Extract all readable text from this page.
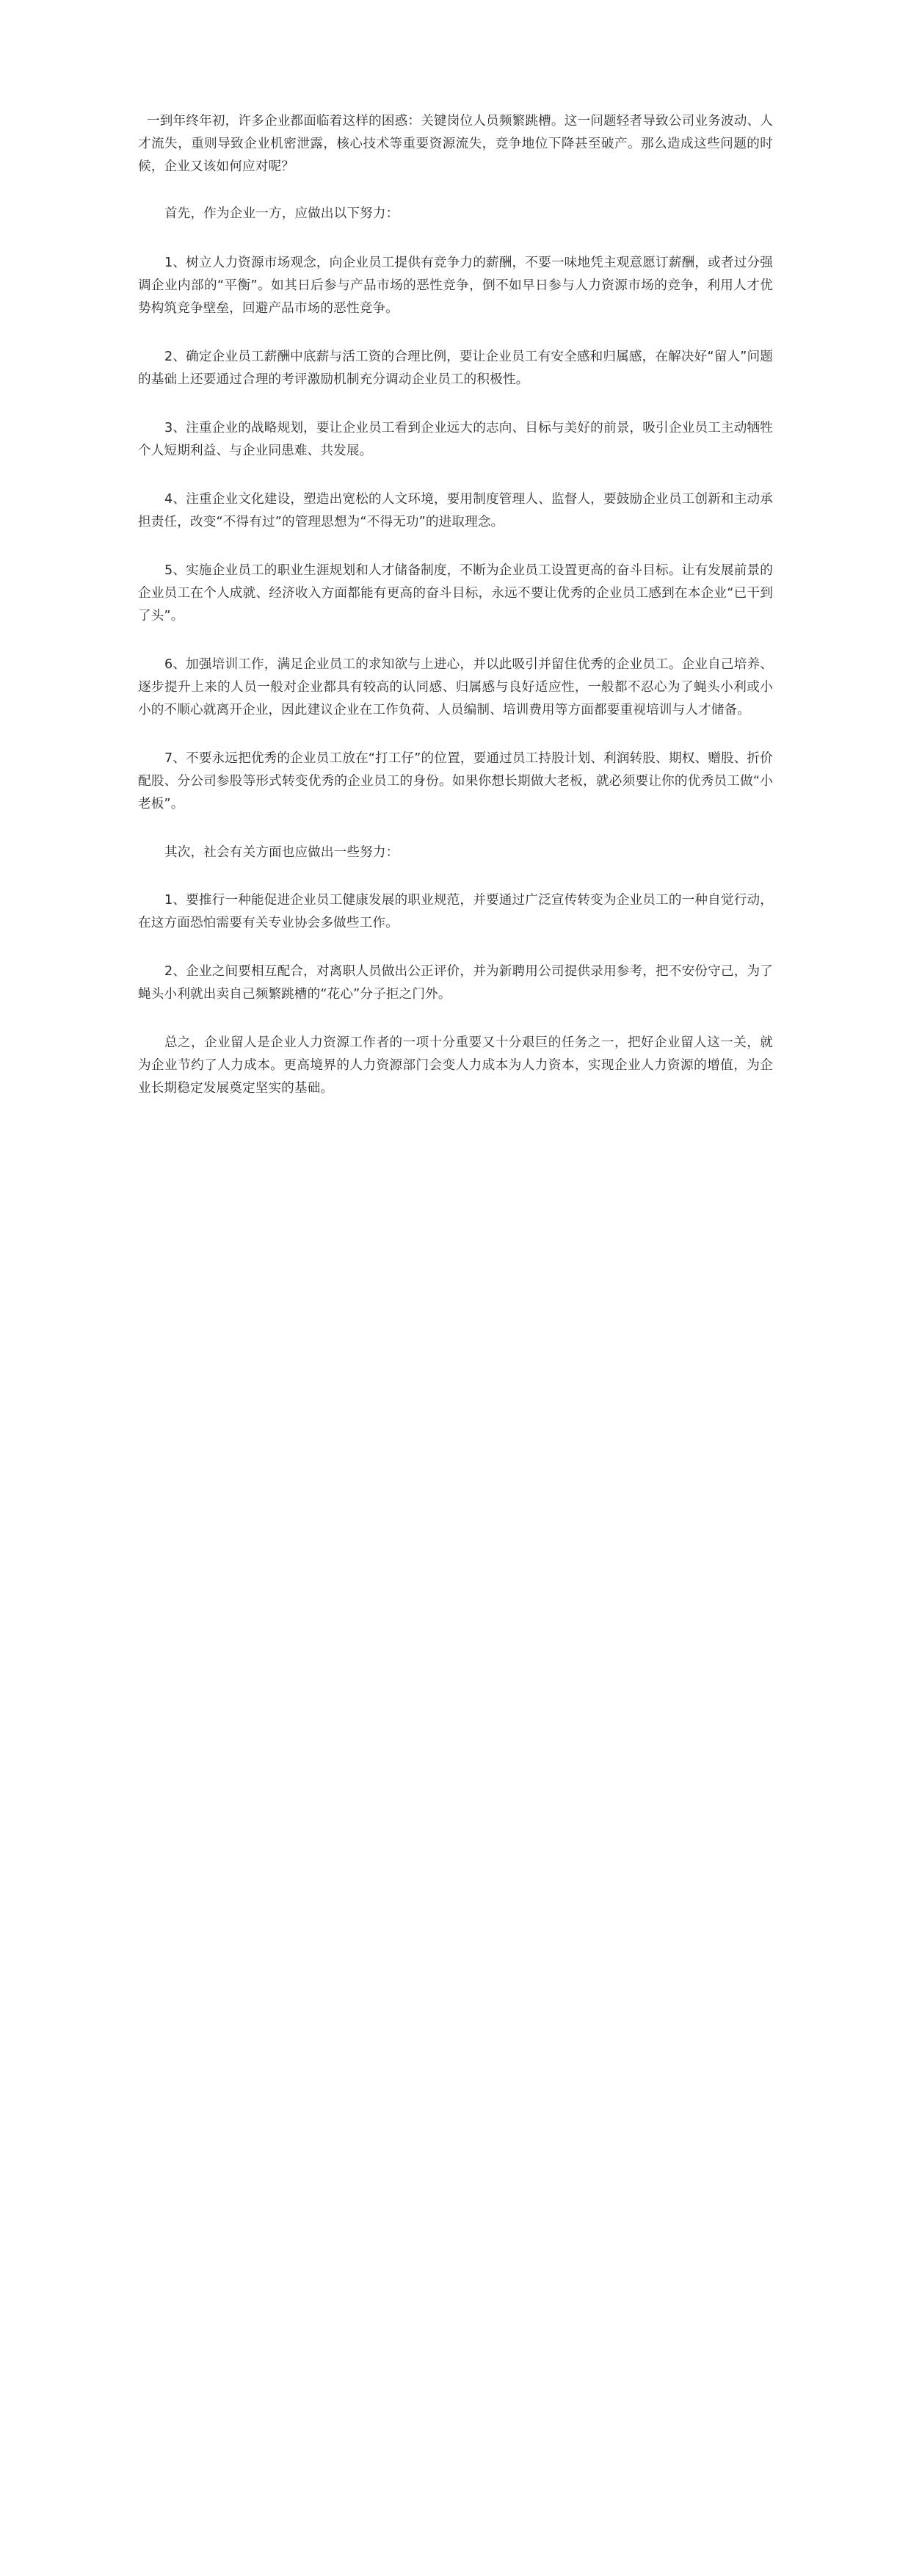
一到年终年初，许多企业都面临着这样的困惑：关键岗位人员频繁跳槽。这一问题轻者导致公司业务波动、人才流失，重则导致企业机密泄露，核心技术等重要资源流失，竞争地位下降甚至破产。那么造成这些问题的时候，企业又该如何应对呢？

首先，作为企业一方，应做出以下努力：

1、树立人力资源市场观念，向企业员工提供有竞争力的薪酬，不要一味地凭主观意愿订薪酬，或者过分强调企业内部的“平衡”。如其日后参与产品市场的恶性竞争，倒不如早日参与人力资源市场的竞争，利用人才优势构筑竞争壁垒，回避产品市场的恶性竞争。

2、确定企业员工薪酬中底薪与活工资的合理比例，要让企业员工有安全感和归属感，在解决好“留人”问题的基础上还要通过合理的考评激励机制充分调动企业员工的积极性。

3、注重企业的战略规划，要让企业员工看到企业远大的志向、目标与美好的前景，吸引企业员工主动牺牲个人短期利益、与企业同患难、共发展。

4、注重企业文化建设，塑造出宽松的人文环境，要用制度管理人、监督人，要鼓励企业员工创新和主动承担责任，改变“不得有过”的管理思想为“不得无功”的进取理念。

5、实施企业员工的职业生涯规划和人才储备制度，不断为企业员工设置更高的奋斗目标。让有发展前景的企业员工在个人成就、经济收入方面都能有更高的奋斗目标，永远不要让优秀的企业员工感到在本企业“已干到了头”。

6、加强培训工作，满足企业员工的求知欲与上进心，并以此吸引并留住优秀的企业员工。企业自己培养、逐步提升上来的人员一般对企业都具有较高的认同感、归属感与良好适应性，一般都不忍心为了蝇头小利或小小的不顺心就离开企业，因此建议企业在工作负荷、人员编制、培训费用等方面都要重视培训与人才储备。

7、不要永远把优秀的企业员工放在“打工仔”的位置，要通过员工持股计划、利润转股、期权、赠股、折价配股、分公司参股等形式转变优秀的企业员工的身份。如果你想长期做大老板，就必须要让你的优秀员工做“小老板”。

其次，社会有关方面也应做出一些努力：

1、要推行一种能促进企业员工健康发展的职业规范，并要通过广泛宣传转变为企业员工的一种自觉行动，在这方面恐怕需要有关专业协会多做些工作。

2、企业之间要相互配合，对离职人员做出公正评价，并为新聘用公司提供录用参考，把不安份守己，为了蝇头小利就出卖自己频繁跳槽的“花心”分子拒之门外。

总之，企业留人是企业人力资源工作者的一项十分重要又十分艰巨的任务之一，把好企业留人这一关，就为企业节约了人力成本。更高境界的人力资源部门会变人力成本为人力资本，实现企业人力资源的增值，为企业长期稳定发展奠定坚实的基础。
